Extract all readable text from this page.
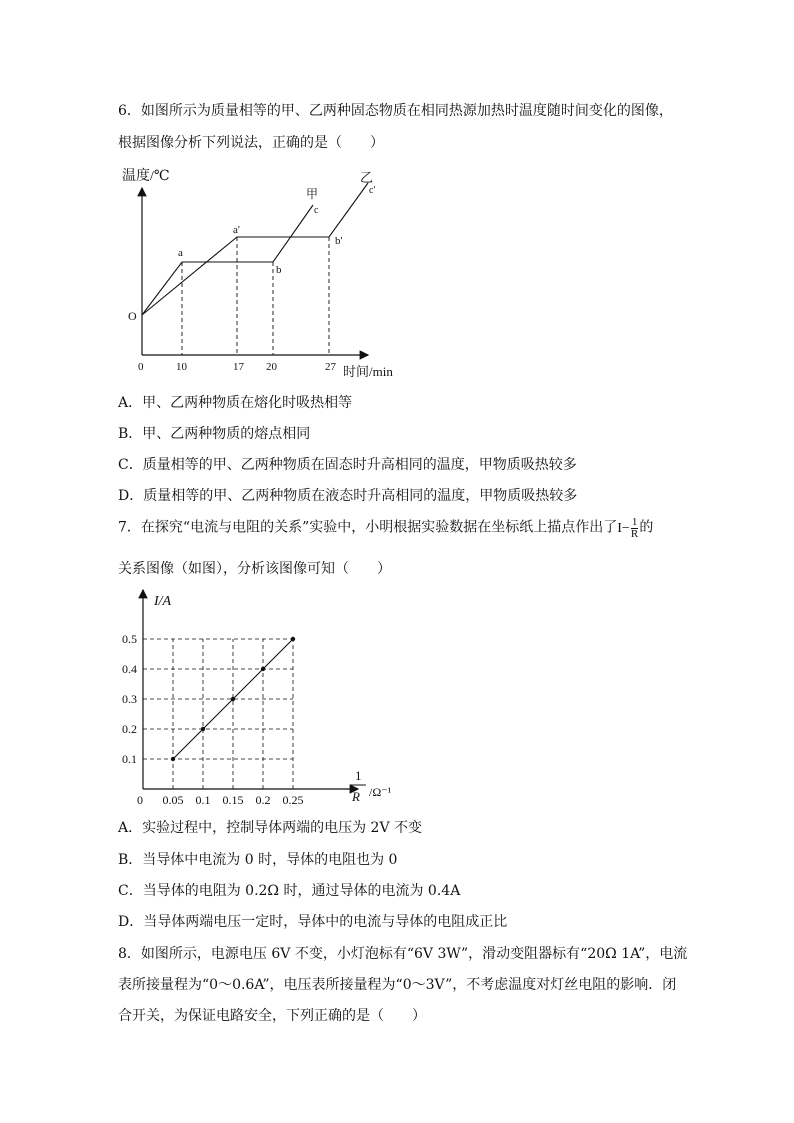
6．如图所示为质量相等的甲、乙两种固态物质在相同热源加热时温度随时间变化的图像，
根据图像分析下列说法，正确的是（　　）
温度/℃
时间/min
O
0	10	17 20	27
a
b
c
a'
b'
c'
甲
乙
A．甲、乙两种物质在熔化时吸热相等
B．甲、乙两种物质的熔点相同
C．质量相等的甲、乙两种物质在固态时升高相同的温度，甲物质吸热较多
D．质量相等的甲、乙两种物质在液态时升高相同的温度，甲物质吸热较多
7．在探究“电流与电阻的关系”实验中，小明根据实验数据在坐标纸上描点作出了$I- \frac{1}{R}$ 的
关系图像（如图），分析该图像可知（　　）
I/A
0 0.05 0.1 0.15 0.2 0.25
0.1
0.2
0.3
0.4
0.5
1
R /Ω⁻¹
A．实验过程中，控制导体两端的电压为 2V 不变
B．当导体中电流为 0 时，导体的电阻也为 0
C．当导体的电阻为 0.2Ω 时，通过导体的电流为 0.4A
D．当导体两端电压一定时，导体中的电流与导体的电阻成正比
8．如图所示，电源电压 6V 不变，小灯泡标有“6V 3W”，滑动变阻器标有“20Ω 1A”，电流
表所接量程为“0～0.6A”，电压表所接量程为“0～3V”，不考虑温度对灯丝电阻的影响．闭
合开关，为保证电路安全，下列正确的是（　　）
